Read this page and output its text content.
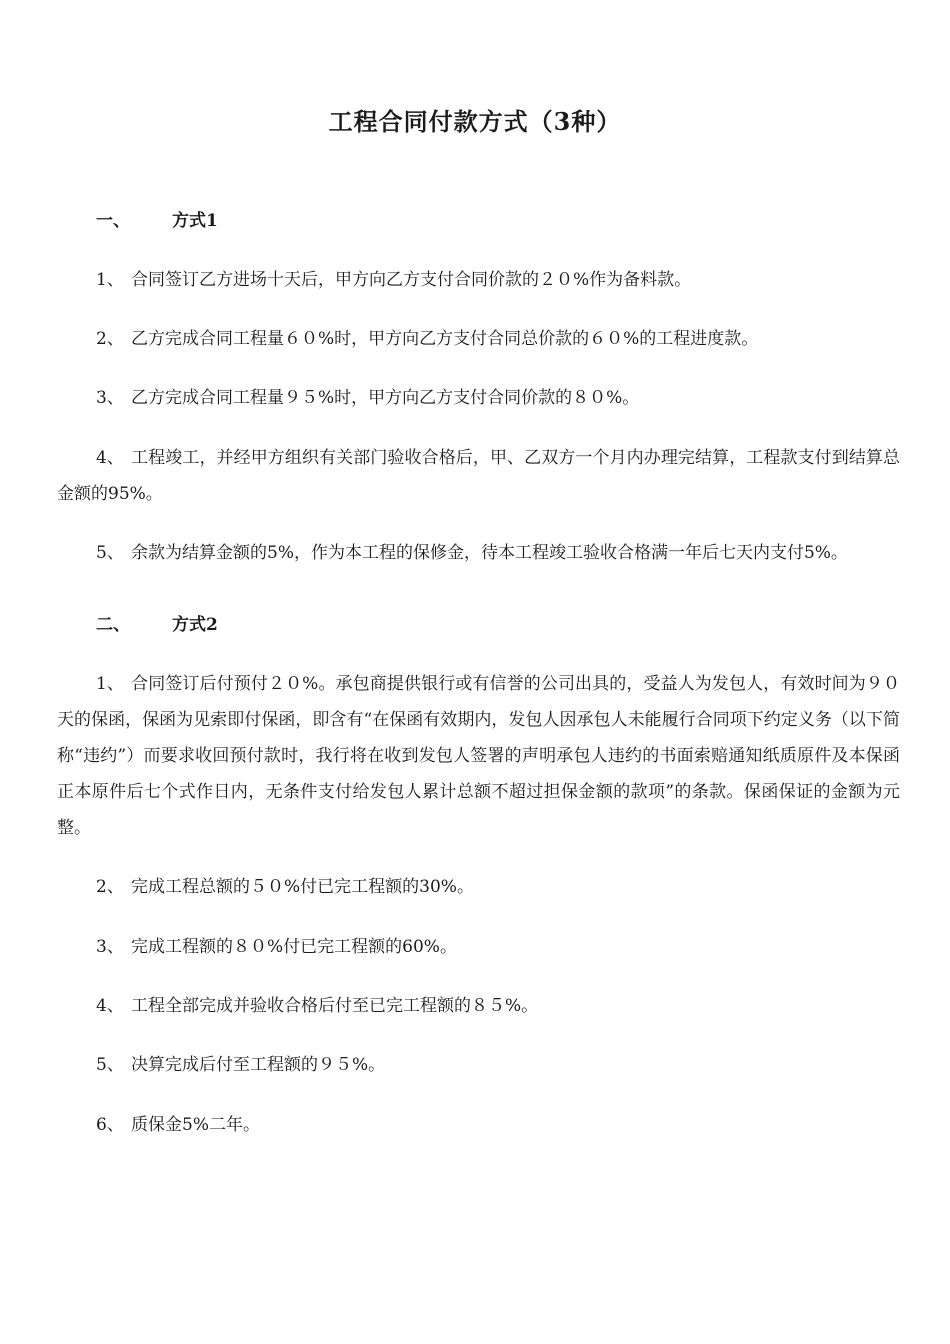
工程合同付款方式（3种）
一、 方式1

1、 合同签订乙方进场十天后，甲方向乙方支付合同价款的２０%作为备料款。

2、 乙方完成合同工程量６０%时，甲方向乙方支付合同总价款的６０%的工程进度款。

3、 乙方完成合同工程量９５%时，甲方向乙方支付合同价款的８０%。

4、 工程竣工，并经甲方组织有关部门验收合格后，甲、乙双方一个月内办理完结算，工程款支付到结算总金额的95%。

5、 余款为结算金额的5%，作为本工程的保修金，待本工程竣工验收合格满一年后七天内支付5%。

二、 方式2

1、 合同签订后付预付２０%。承包商提供银行或有信誉的公司出具的，受益人为发包人，有效时间为９０天的保函，保函为见索即付保函，即含有“在保函有效期内，发包人因承包人未能履行合同项下约定义务（以下简称“违约”）而要求收回预付款时，我行将在收到发包人签署的声明承包人违约的书面索赔通知纸质原件及本保函正本原件后七个式作日内，无条件支付给发包人累计总额不超过担保金额的款项”的条款。保函保证的金额为元整。

2、 完成工程总额的５０%付已完工程额的30%。

3、 完成工程额的８０%付已完工程额的60%。

4、 工程全部完成并验收合格后付至已完工程额的８５%。

5、 决算完成后付至工程额的９５%。

6、 质保金5%二年。
